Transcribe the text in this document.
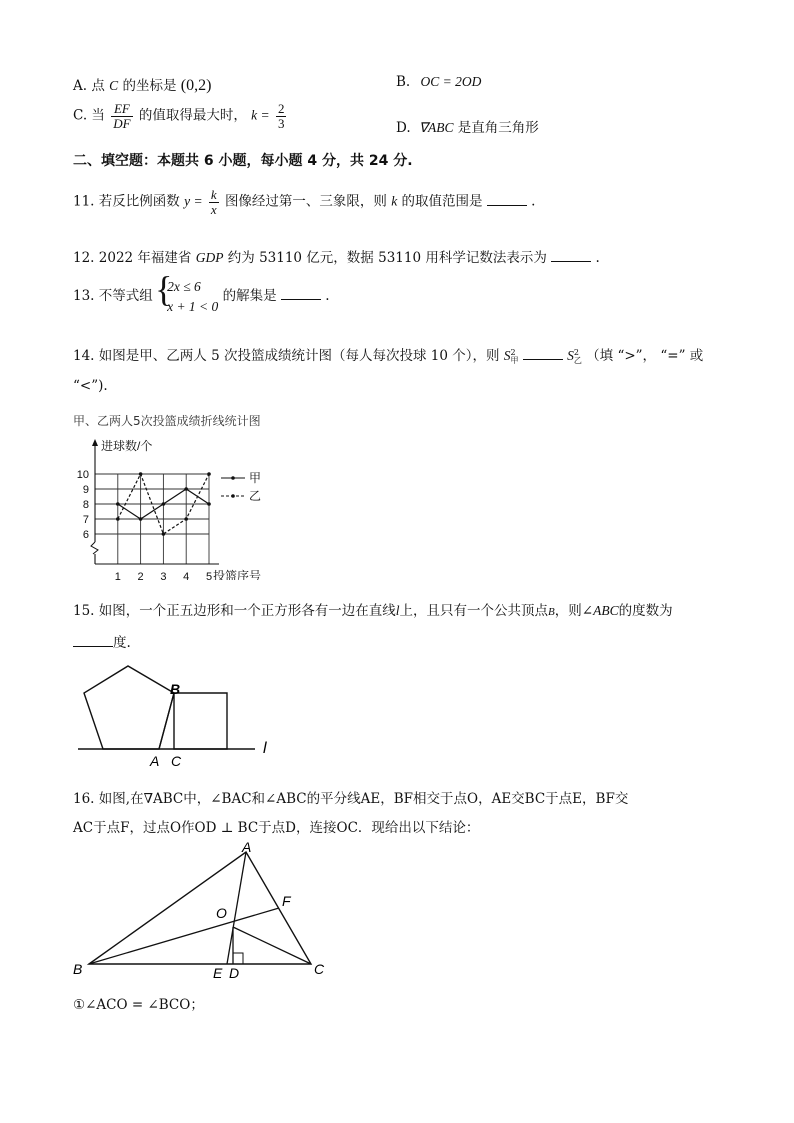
A. 点 C 的坐标是 (0,2)	B. OC = 2OD
C. 当 $\frac{EF}{DF}$ 的值取得最大时， $k = \frac{2}{3}$	D. ∇ABC 是直角三角形
二、填空题：本题共 6 小题，每小题 4 分，共 24 分.
11. 若反比例函数 $y = \frac{k}{x}$ 图像经过第一、三象限，则 k 的取值范围是	.
12. 2022 年福建省 GDP 约为 53110 亿元，数据 53110 用科学记数法表示为	.
13. 不等式组 {
2x ≤ 6
x + 1 < 0
的解集是	.
14. 如图是甲、乙两人 5 次投篮成绩统计图（每人每次投球 10 个），则 S 2
甲	S 2
乙 （填 “>”， “=” 或
“<”).
甲、乙两人5次投篮成绩折线统计图
6
7
8
9
10
进球数/个
投篮序号
1 2 3 4 5
甲
乙
15. 如图，一个正五边形和一个正方形各有一边在直线l上，且只有一个公共顶点B，则∠ABC的度数为
度.
B
A C
l
16. 如图,在∇ABC中，∠BAC和∠ABC的平分线AE，BF相交于点O，AE交BC于点E，BF交
AC于点F，过点O作OD ⊥ BC于点D，连接OC．现给出以下结论：
A
B	C
O
F
E D
①∠ACO = ∠BCO；
